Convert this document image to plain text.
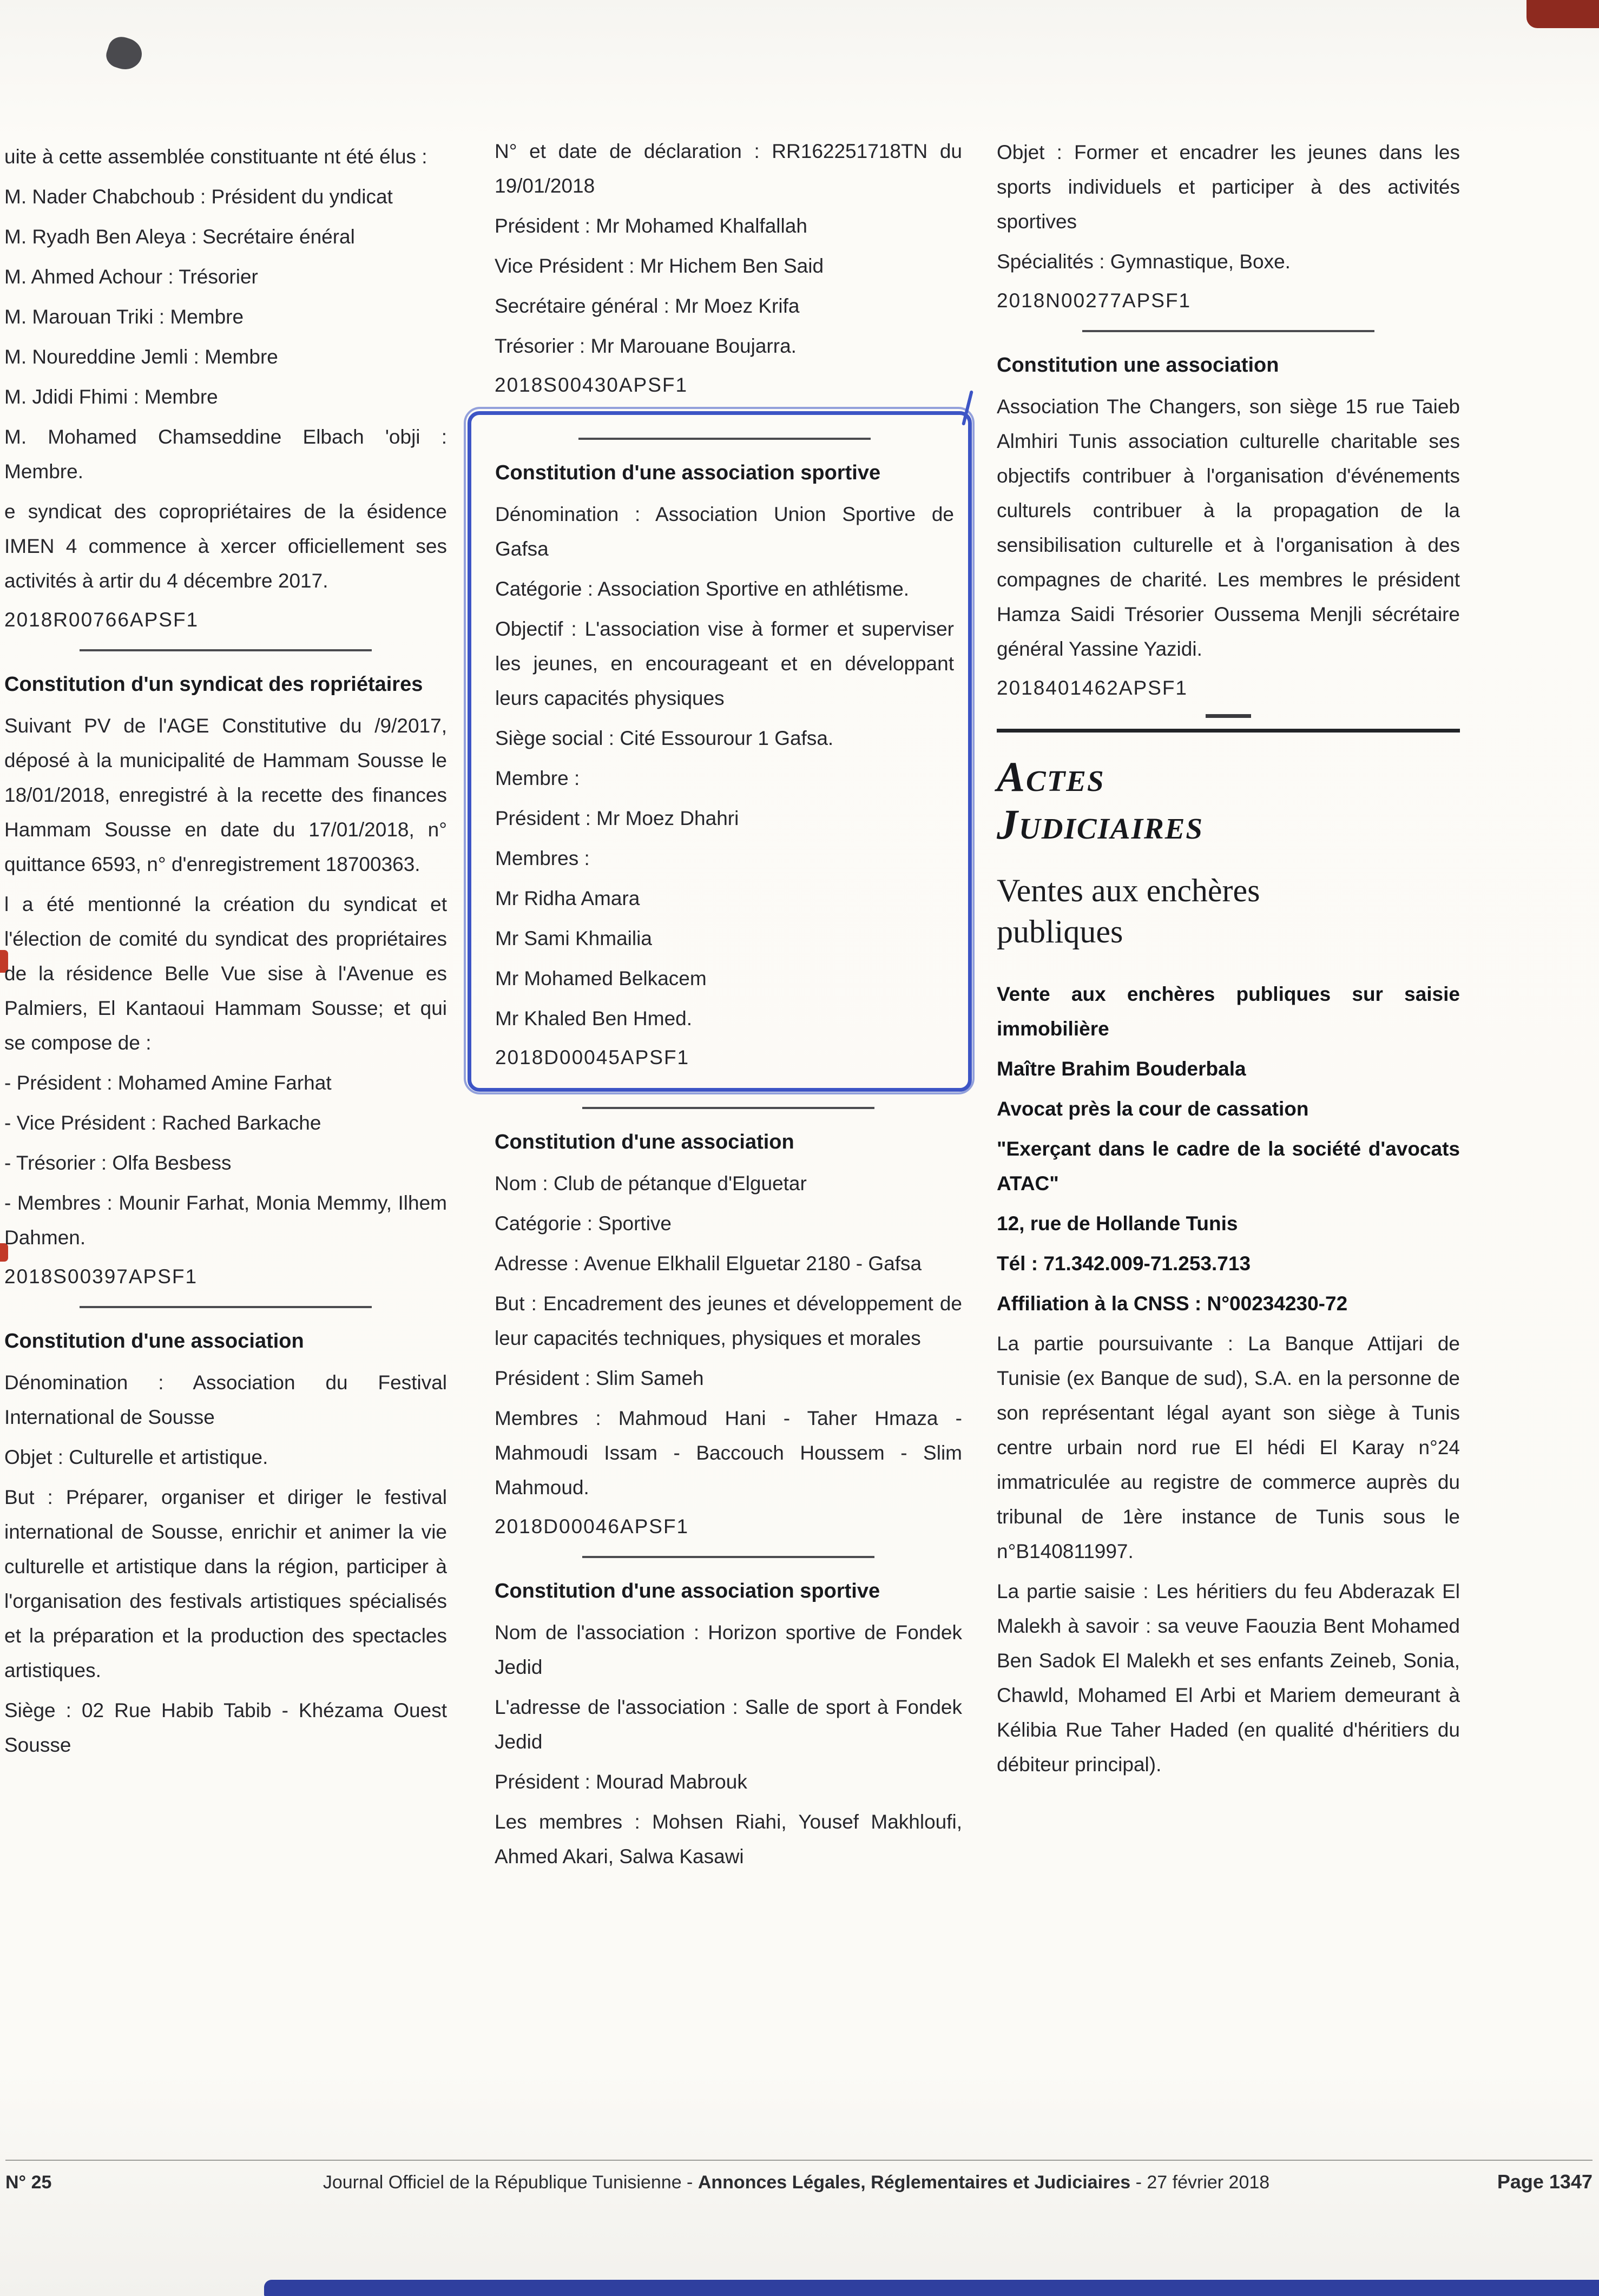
uite à cette assemblée constituante nt été élus :

M. Nader Chabchoub : Président du yndicat

M. Ryadh Ben Aleya : Secrétaire énéral

M. Ahmed Achour : Trésorier

M. Marouan Triki : Membre

M. Noureddine Jemli : Membre

M. Jdidi Fhimi : Membre

M. Mohamed Chamseddine Elbach 'obji : Membre.

e syndicat des copropriétaires de la ésidence IMEN 4 commence à xercer officiellement ses activités à artir du 4 décembre 2017.

2018R00766APSF1

Constitution d'un syndicat des ropriétaires

Suivant PV de l'AGE Constitutive du /9/2017, déposé à la municipalité de Hammam Sousse le 18/01/2018, enregistré à la recette des finances Hammam Sousse en date du 17/01/2018, n° quittance 6593, n° d'enregistrement 18700363.

l a été mentionné la création du syndicat et l'élection de comité du syndicat des propriétaires de la résidence Belle Vue sise à l'Avenue es Palmiers, El Kantaoui Hammam Sousse; et qui se compose de :

- Président : Mohamed Amine Farhat

- Vice Président : Rached Barkache

- Trésorier : Olfa Besbess

- Membres : Mounir Farhat, Monia Memmy, Ilhem Dahmen.

2018S00397APSF1

Constitution d'une association

Dénomination : Association du Festival International de Sousse

Objet : Culturelle et artistique.

But : Préparer, organiser et diriger le festival international de Sousse, enrichir et animer la vie culturelle et artistique dans la région, participer à l'organisation des festivals artistiques spécialisés et la préparation et la production des spectacles artistiques.

Siège : 02 Rue Habib Tabib - Khézama Ouest Sousse

N° et date de déclaration : RR162251718TN du 19/01/2018

Président : Mr Mohamed Khalfallah

Vice Président : Mr Hichem Ben Said

Secrétaire général : Mr Moez Krifa

Trésorier : Mr Marouane Boujarra.

2018S00430APSF1

Constitution d'une association sportive

Dénomination : Association Union Sportive de Gafsa

Catégorie : Association Sportive en athlétisme.

Objectif : L'association vise à former et superviser les jeunes, en encourageant et en développant leurs capacités physiques

Siège social : Cité Essourour 1 Gafsa.

Membre :

Président : Mr Moez Dhahri

Membres :

Mr Ridha Amara

Mr Sami Khmailia

Mr Mohamed Belkacem

Mr Khaled Ben Hmed.

2018D00045APSF1

Constitution d'une association

Nom : Club de pétanque d'Elguetar

Catégorie : Sportive

Adresse : Avenue Elkhalil Elguetar 2180 - Gafsa

But : Encadrement des jeunes et développement de leur capacités techniques, physiques et morales

Président : Slim Sameh

Membres : Mahmoud Hani - Taher Hmaza - Mahmoudi Issam - Baccouch Houssem - Slim Mahmoud.

2018D00046APSF1

Constitution d'une association sportive

Nom de l'association : Horizon sportive de Fondek Jedid

L'adresse de l'association : Salle de sport à Fondek Jedid

Président : Mourad Mabrouk

Les membres : Mohsen Riahi, Yousef Makhloufi, Ahmed Akari, Salwa Kasawi

Objet : Former et encadrer les jeunes dans les sports individuels et participer à des activités sportives

Spécialités : Gymnastique, Boxe.

2018N00277APSF1

Constitution une association

Association The Changers, son siège 15 rue Taieb Almhiri Tunis association culturelle charitable ses objectifs contribuer à l'organisation d'événements culturels contribuer à la propagation de la sensibilisation culturelle et à l'organisation à des compagnes de charité. Les membres le président Hamza Saidi Trésorier Oussema Menjli sécrétaire général Yassine Yazidi.

2018401462APSF1

Actes Judiciaires
Ventes aux enchères publiques

Vente aux enchères publiques sur saisie immobilière

Maître Brahim Bouderbala

Avocat près la cour de cassation

"Exerçant dans le cadre de la société d'avocats ATAC"

12, rue de Hollande Tunis

Tél : 71.342.009-71.253.713

Affiliation à la CNSS : N°00234230-72

La partie poursuivante : La Banque Attijari de Tunisie (ex Banque de sud), S.A. en la personne de son représentant légal ayant son siège à Tunis centre urbain nord rue El hédi El Karay n°24 immatriculée au registre de commerce auprès du tribunal de 1ère instance de Tunis sous le n°B140811997.

La partie saisie : Les héritiers du feu Abderazak El Malekh à savoir : sa veuve Faouzia Bent Mohamed Ben Sadok El Malekh et ses enfants Zeineb, Sonia, Chawld, Mohamed El Arbi et Mariem demeurant à Kélibia Rue Taher Haded (en qualité d'héritiers du débiteur principal).

N° 25	Journal Officiel de la République Tunisienne - Annonces Légales, Réglementaires et Judiciaires - 27 février 2018	Page 1347
